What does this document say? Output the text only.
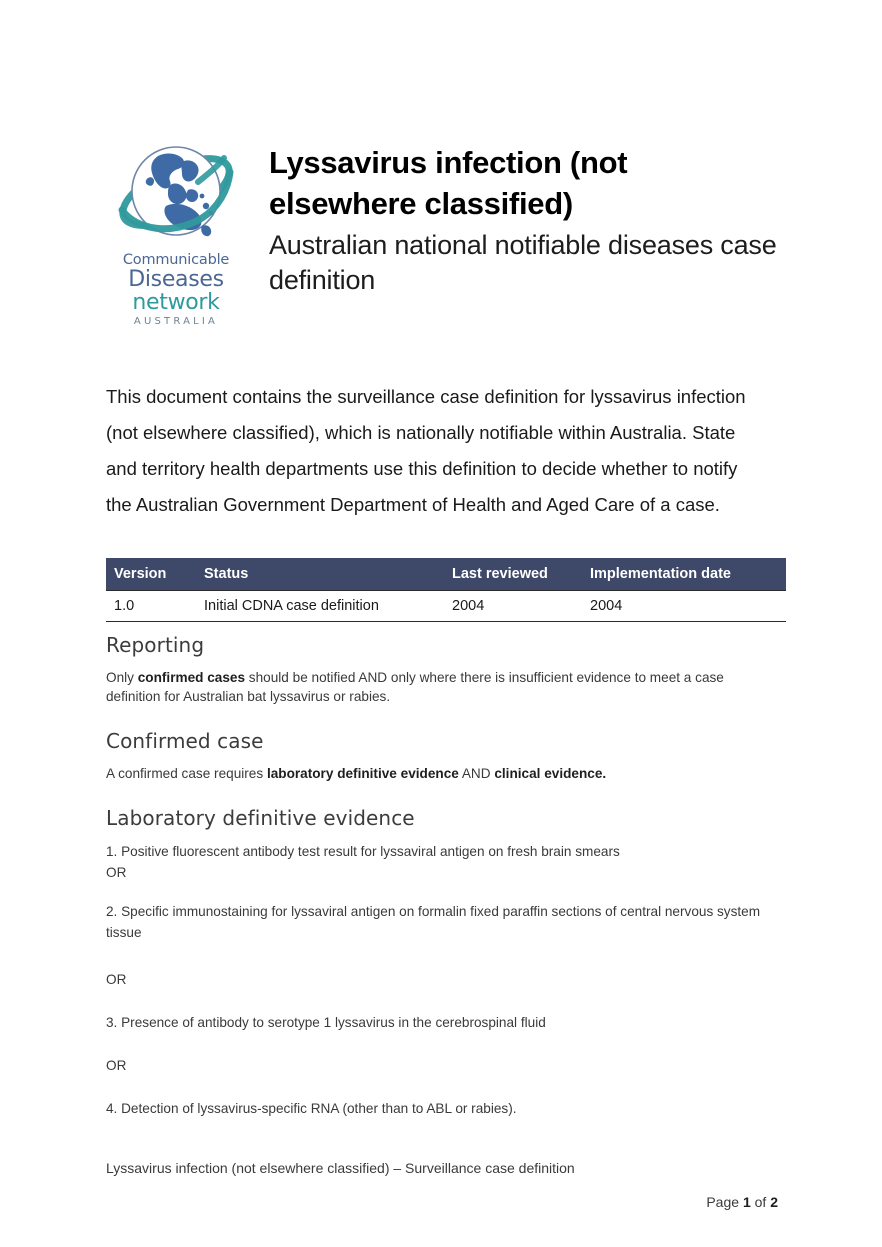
Communicable
Diseases
network
AUSTRALIA
Lyssavirus infection (not elsewhere classified)

Australian national notifiable diseases case definition

This document contains the surveillance case definition for lyssavirus infection (not elsewhere classified), which is nationally notifiable within Australia. State and territory health departments use this definition to decide whether to notify the Australian Government Department of Health and Aged Care of a case.

Version	Status	Last reviewed	Implementation date
1.0	Initial CDNA case definition	2004	2004
Reporting

Only confirmed cases should be notified AND only where there is insufficient evidence to meet a case definition for Australian bat lyssavirus or rabies.

Confirmed case

A confirmed case requires laboratory definitive evidence AND clinical evidence.

Laboratory definitive evidence

1. Positive fluorescent antibody test result for lyssaviral antigen on fresh brain smears

OR

2. Specific immunostaining for lyssaviral antigen on formalin fixed paraffin sections of central nervous system tissue

OR

3. Presence of antibody to serotype 1 lyssavirus in the cerebrospinal fluid

OR

4. Detection of lyssavirus-specific RNA (other than to ABL or rabies).

Lyssavirus infection (not elsewhere classified) – Surveillance case definition
Page 1 of 2
